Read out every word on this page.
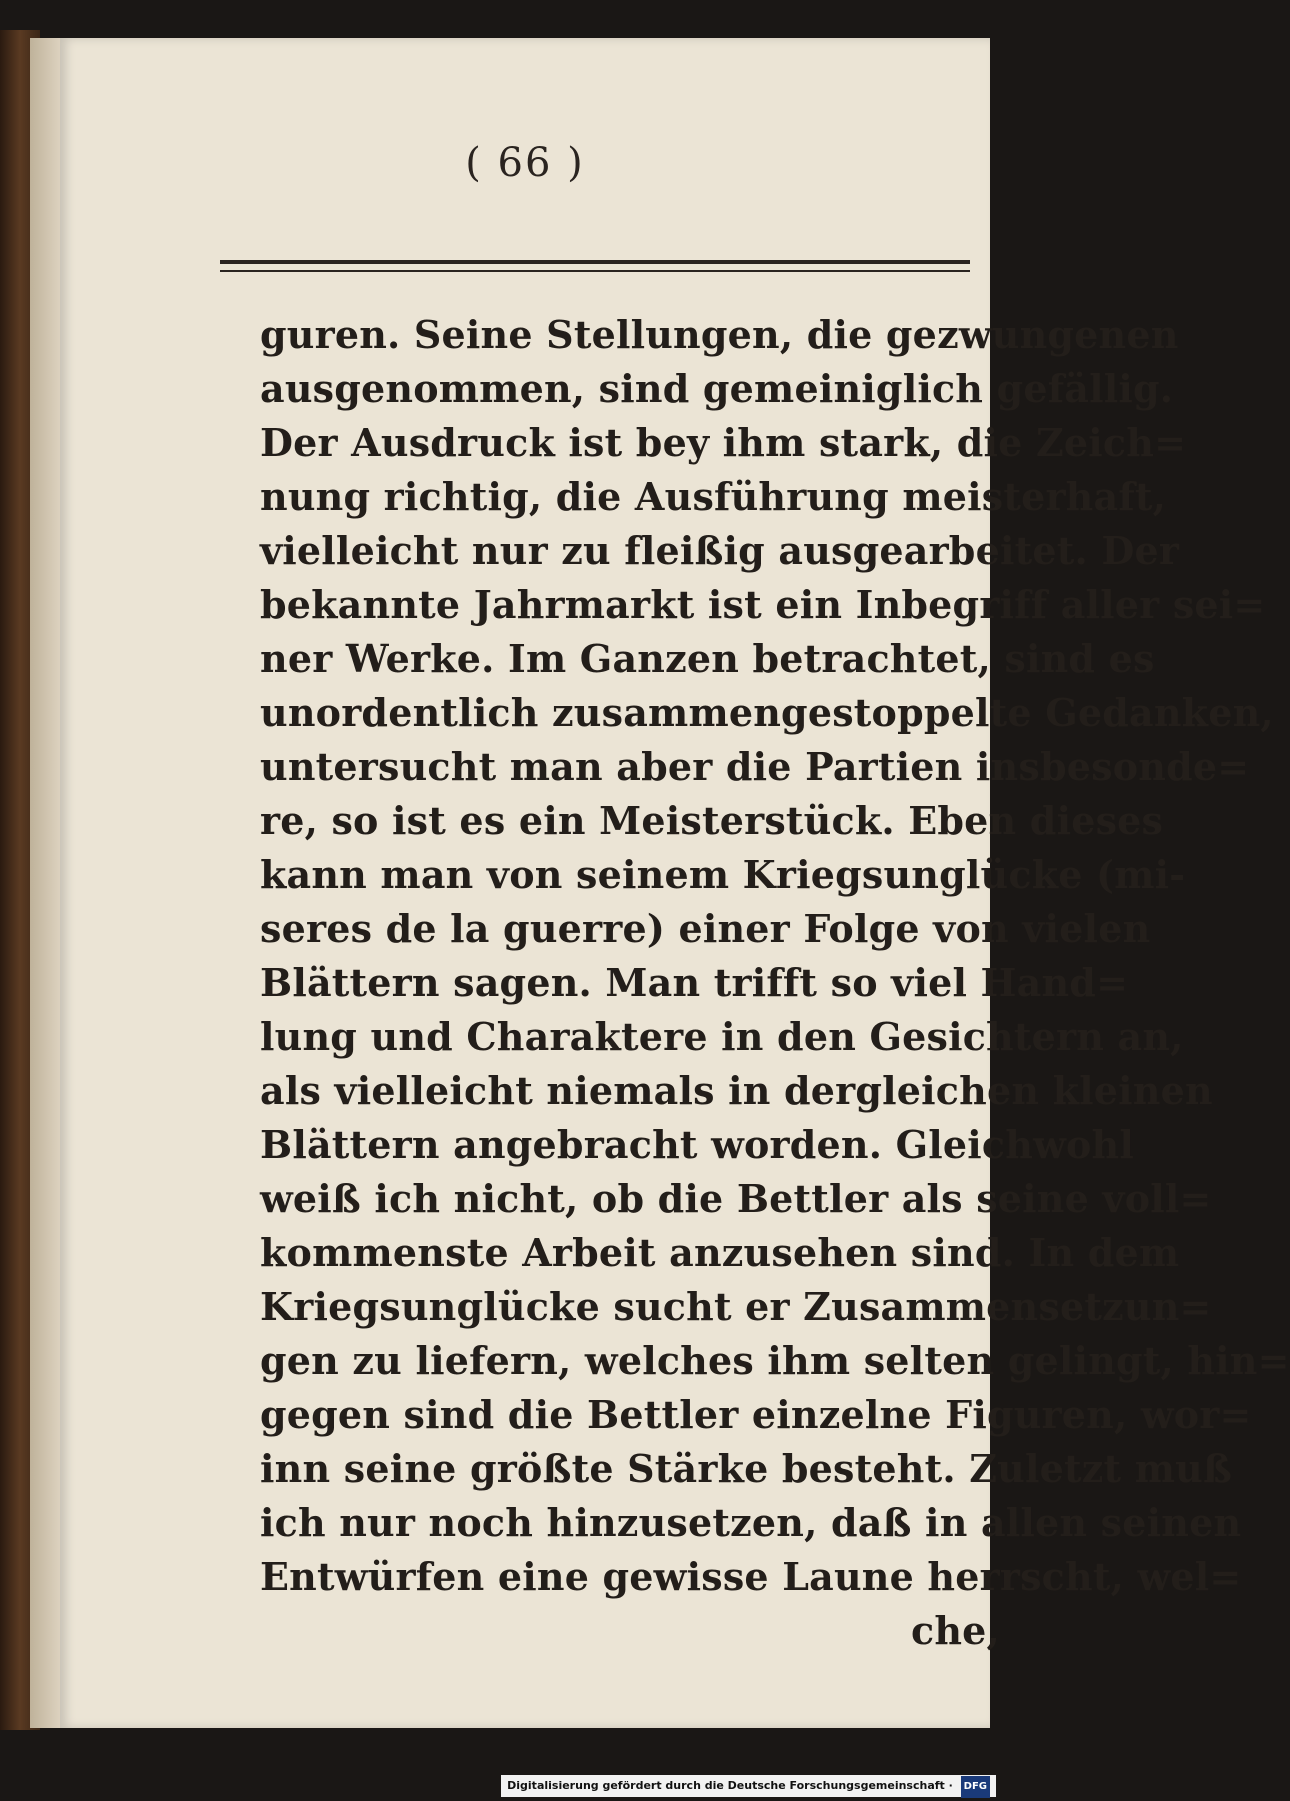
( 66 )
guren. Seine Stellungen, die gezwungenen
ausgenommen, sind gemeiniglich gefällig.
Der Ausdruck ist bey ihm stark, die Zeich=
nung richtig, die Ausführung meisterhaft,
vielleicht nur zu fleißig ausgearbeitet. Der
bekannte Jahrmarkt ist ein Inbegriff aller sei=
ner Werke. Im Ganzen betrachtet, sind es
unordentlich zusammengestoppelte Gedanken,
untersucht man aber die Partien insbesonde=
re, so ist es ein Meisterstück. Eben dieses
kann man von seinem Kriegsunglücke (mi-
seres de la guerre) einer Folge von vielen
Blättern sagen. Man trifft so viel Hand=
lung und Charaktere in den Gesichtern an,
als vielleicht niemals in dergleichen kleinen
Blättern angebracht worden. Gleichwohl
weiß ich nicht, ob die Bettler als seine voll=
kommenste Arbeit anzusehen sind. In dem
Kriegsunglücke sucht er Zusammensetzun=
gen zu liefern, welches ihm selten gelingt, hin=
gegen sind die Bettler einzelne Figuren, wor=
inn seine größte Stärke besteht. Zuletzt muß
ich nur noch hinzusetzen, daß in allen seinen
Entwürfen eine gewisse Laune herrscht, wel=
che,
Digitalisierung gefördert durch die Deutsche Forschungsgemeinschaft · DFG
